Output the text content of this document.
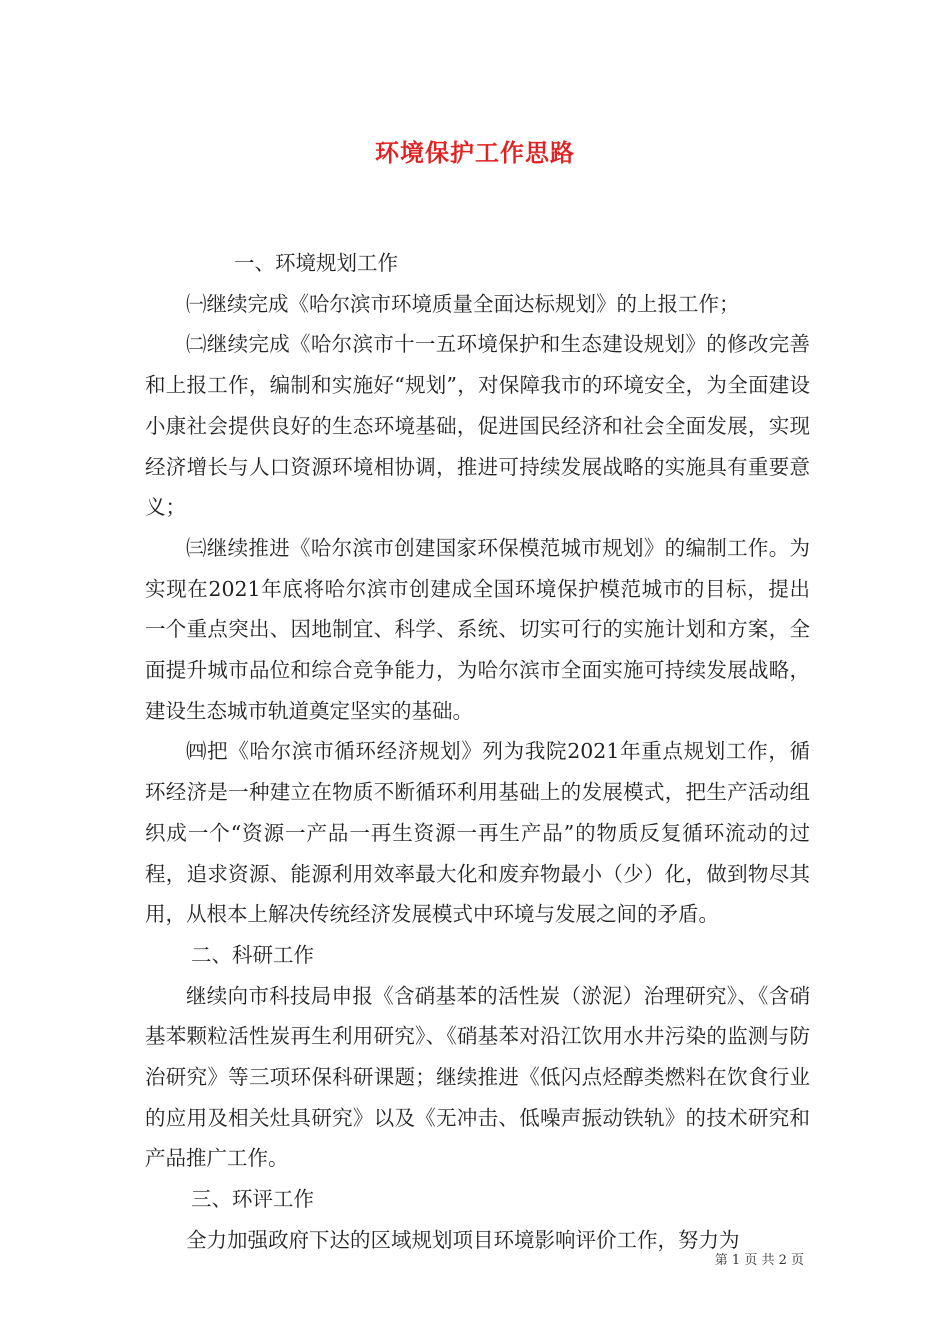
环境保护工作思路

一、环境规划工作

㈠继续完成《哈尔滨市环境质量全面达标规划》的上报工作；

㈡继续完成《哈尔滨市十一五环境保护和生态建设规划》的修改完善和上报工作，编制和实施好“规划”，对保障我市的环境安全，为全面建设小康社会提供良好的生态环境基础，促进国民经济和社会全面发展，实现经济增长与人口资源环境相协调，推进可持续发展战略的实施具有重要意义；

㈢继续推进《哈尔滨市创建国家环保模范城市规划》的编制工作。为实现在2021年底将哈尔滨市创建成全国环境保护模范城市的目标，提出一个重点突出、因地制宜、科学、系统、切实可行的实施计划和方案，全面提升城市品位和综合竞争能力，为哈尔滨市全面实施可持续发展战略，建设生态城市轨道奠定坚实的基础。

㈣把《哈尔滨市循环经济规划》列为我院2021年重点规划工作，循环经济是一种建立在物质不断循环利用基础上的发展模式，把生产活动组织成一个“资源一产品一再生资源一再生产品”的物质反复循环流动的过程，追求资源、能源利用效率最大化和废弃物最小（少）化，做到物尽其用，从根本上解决传统经济发展模式中环境与发展之间的矛盾。

二、科研工作

继续向市科技局申报《含硝基苯的活性炭（淤泥）治理研究》、《含硝基苯颗粒活性炭再生利用研究》、《硝基苯对沿江饮用水井污染的监测与防治研究》等三项环保科研课题；继续推进《低闪点烃醇类燃料在饮食行业的应用及相关灶具研究》以及《无冲击、低噪声振动铁轨》的技术研究和产品推广工作。

三、环评工作

全力加强政府下达的区域规划项目环境影响评价工作，努力为

第 1 页 共 2 页
